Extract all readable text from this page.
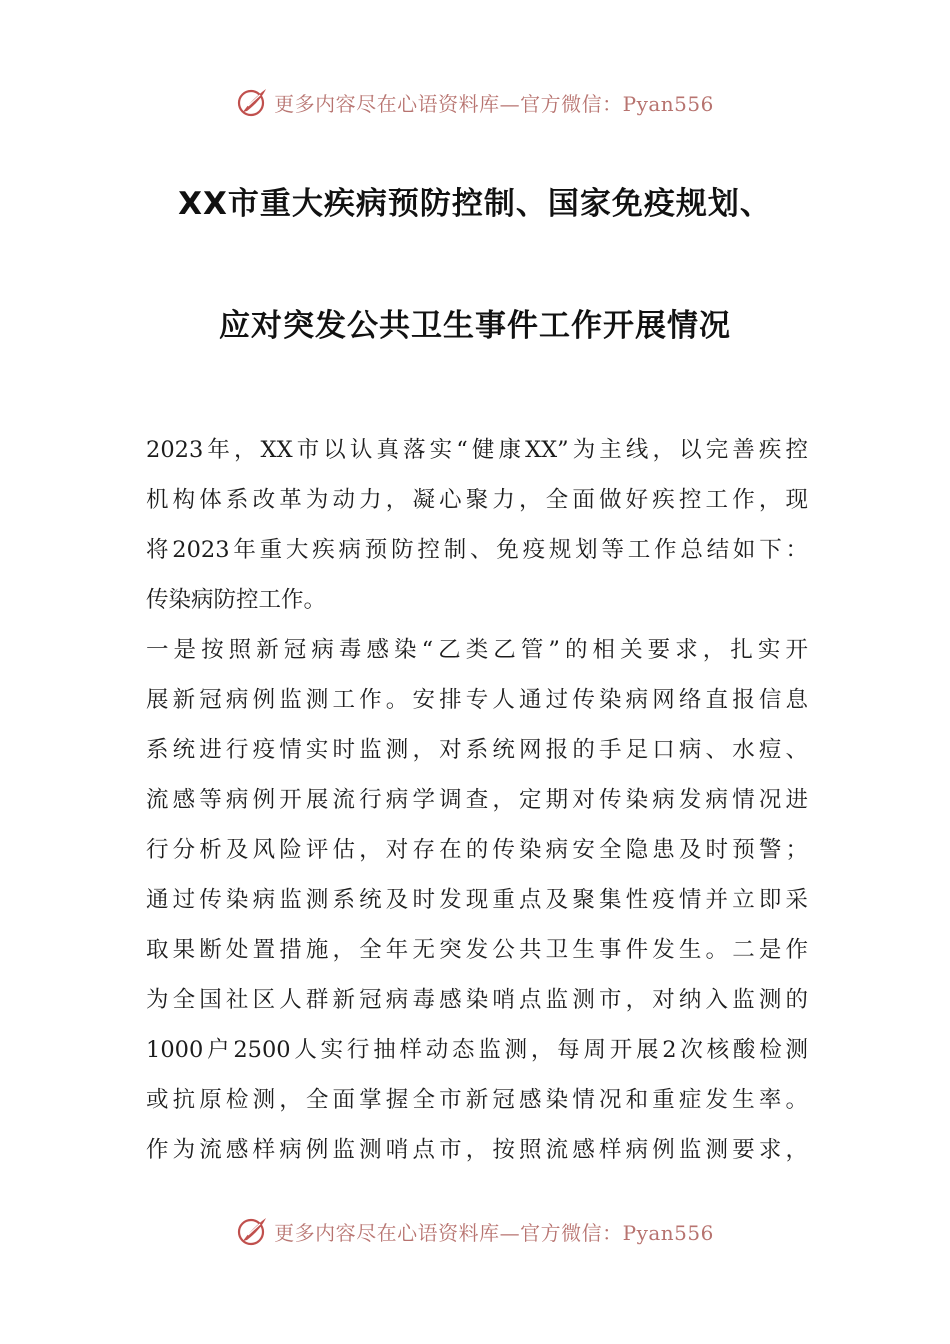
更多内容尽在心语资料库—官方微信：Pyan556
XX市重大疾病预防控制、国家免疫规划、
应对突发公共卫生事件工作开展情况
2023年，XX市以认真落实“健康XX”为主线，以完善疾控
机构体系改革为动力，凝心聚力，全面做好疾控工作，现
将2023年重大疾病预防控制、免疫规划等工作总结如下：
传染病防控工作。
一是按照新冠病毒感染“乙类乙管”的相关要求，扎实开
展新冠病例监测工作。安排专人通过传染病网络直报信息
系统进行疫情实时监测，对系统网报的手足口病、水痘、
流感等病例开展流行病学调查，定期对传染病发病情况进
行分析及风险评估，对存在的传染病安全隐患及时预警；
通过传染病监测系统及时发现重点及聚集性疫情并立即采
取果断处置措施，全年无突发公共卫生事件发生。二是作
为全国社区人群新冠病毒感染哨点监测市，对纳入监测的
1000户2500人实行抽样动态监测，每周开展2次核酸检测
或抗原检测，全面掌握全市新冠感染情况和重症发生率。
作为流感样病例监测哨点市，按照流感样病例监测要求，
更多内容尽在心语资料库—官方微信：Pyan556
